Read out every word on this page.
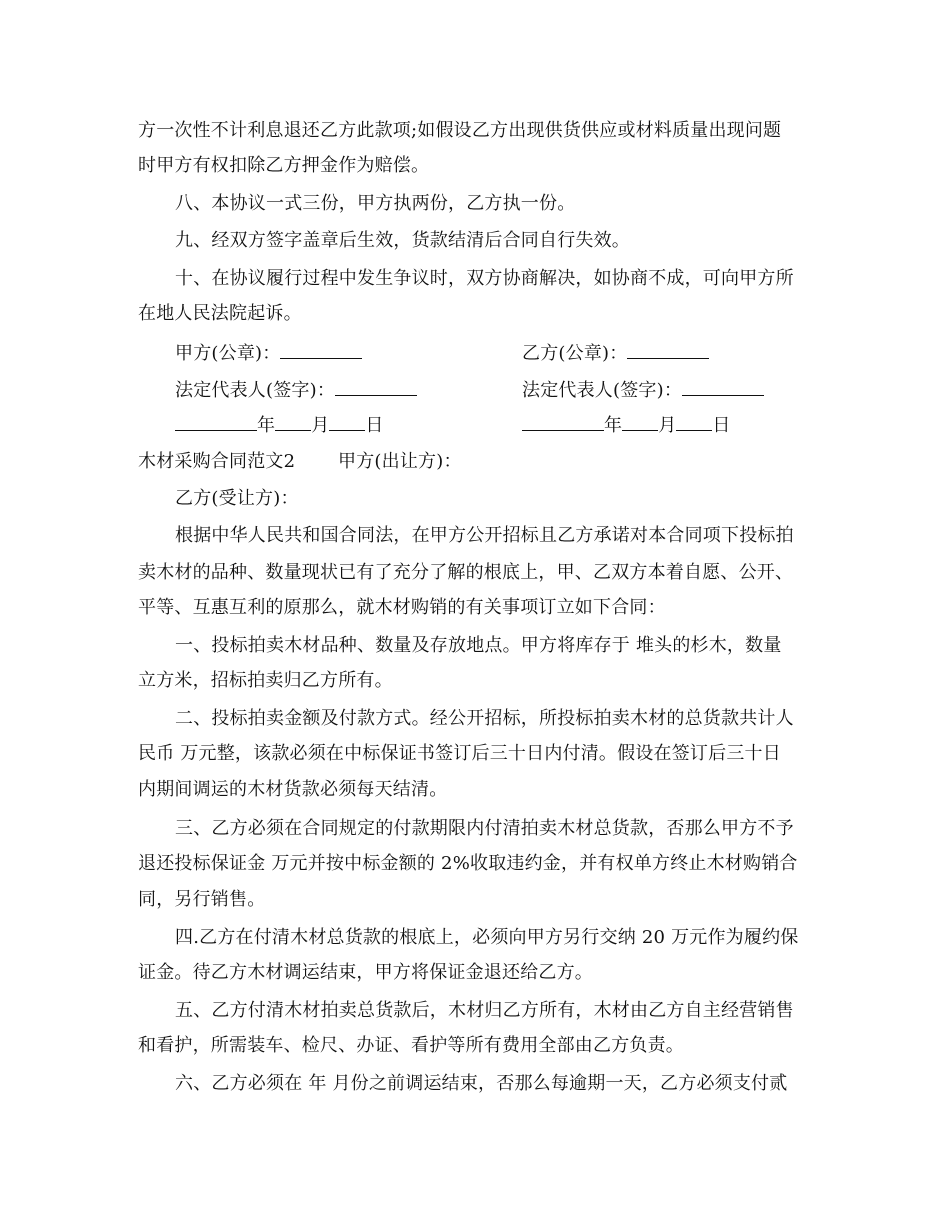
方一次性不计利息退还乙方此款项;如假设乙方出现供货供应或材料质量出现问题
时甲方有权扣除乙方押金作为赔偿。
八、本协议一式三份，甲方执两份，乙方执一份。
九、经双方签字盖章后生效，货款结清后合同自行失效。
十、在协议履行过程中发生争议时，双方协商解决，如协商不成，可向甲方所
在地人民法院起诉。
甲方(公章)：	乙方(公章)：
法定代表人(签字)：	法定代表人(签字)：
年 月 日	年 月 日
木材采购合同范文2 甲方(出让方)：
乙方(受让方)：
根据中华人民共和国合同法，在甲方公开招标且乙方承诺对本合同项下投标拍
卖木材的品种、数量现状已有了充分了解的根底上，甲、乙双方本着自愿、公开、
平等、互惠互利的原那么，就木材购销的有关事项订立如下合同：
一、投标拍卖木材品种、数量及存放地点。甲方将库存于 堆头的杉木，数量
立方米，招标拍卖归乙方所有。
二、投标拍卖金额及付款方式。经公开招标，所投标拍卖木材的总货款共计人
民币 万元整，该款必须在中标保证书签订后三十日内付清。假设在签订后三十日
内期间调运的木材货款必须每天结清。
三、乙方必须在合同规定的付款期限内付清拍卖木材总货款，否那么甲方不予
退还投标保证金 万元并按中标金额的 2%收取违约金，并有权单方终止木材购销合
同，另行销售。
四.乙方在付清木材总货款的根底上，必须向甲方另行交纳 20 万元作为履约保
证金。待乙方木材调运结束，甲方将保证金退还给乙方。
五、乙方付清木材拍卖总货款后，木材归乙方所有，木材由乙方自主经营销售
和看护，所需装车、检尺、办证、看护等所有费用全部由乙方负责。
六、乙方必须在 年 月份之前调运结束，否那么每逾期一天，乙方必须支付贰
